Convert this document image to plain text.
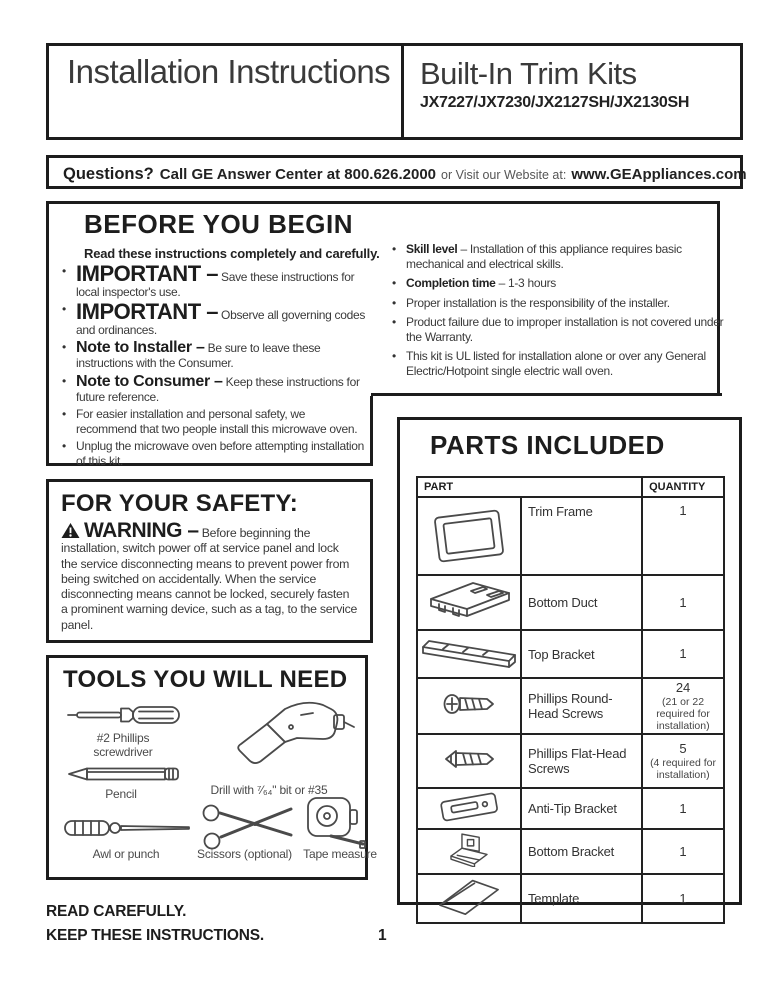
Installation Instructions Built-In Trim Kits
JX7227/JX7230/JX2127SH/JX2130SH
Questions? Call GE Answer Center at 800.626.2000 or Visit our Website at: www.GEAppliances.com
BEFORE YOU BEGIN
Read these instructions completely and carefully.
• IMPORTANT – Save these instructions for local inspector's use.
• IMPORTANT – Observe all governing codes and ordinances.
• Note to Installer – Be sure to leave these instructions with the Consumer.
• Note to Consumer – Keep these instructions for future reference.
• For easier installation and personal safety, we recommend that two people install this microwave oven.
• Unplug the microwave oven before attempting installation of this kit.
• Skill level – Installation of this appliance requires basic mechanical and electrical skills.
• Completion time – 1-3 hours
• Proper installation is the responsibility of the installer.
• Product failure due to improper installation is not covered under the Warranty.
• This kit is UL listed for installation alone or over any General Electric/Hotpoint single electric wall oven.
FOR YOUR SAFETY:
WARNING – Before beginning the installation, switch power off at service panel and lock the service disconnecting means to prevent power from being switched on accidentally. When the service disconnecting means cannot be locked, securely fasten a prominent warning device, such as a tag, to the service panel.
TOOLS YOU WILL NEED
#2 Phillips screwdriver
Drill with ⁷⁄₆₄" bit or #35
Pencil
Awl or punch	Scissors (optional) Tape measure
PARTS INCLUDED
PART		QUANTITY
	Trim Frame	1
	Bottom Duct	1
	Top Bracket	1
	Phillips Round-Head Screws	24
(21 or 22 required for installation)

	Phillips Flat-Head Screws	5
(4 required for installation)

	Anti-Tip Bracket	1
	Bottom Bracket	1
	Template	1
READ CAREFULLY.
KEEP THESE INSTRUCTIONS.	1
